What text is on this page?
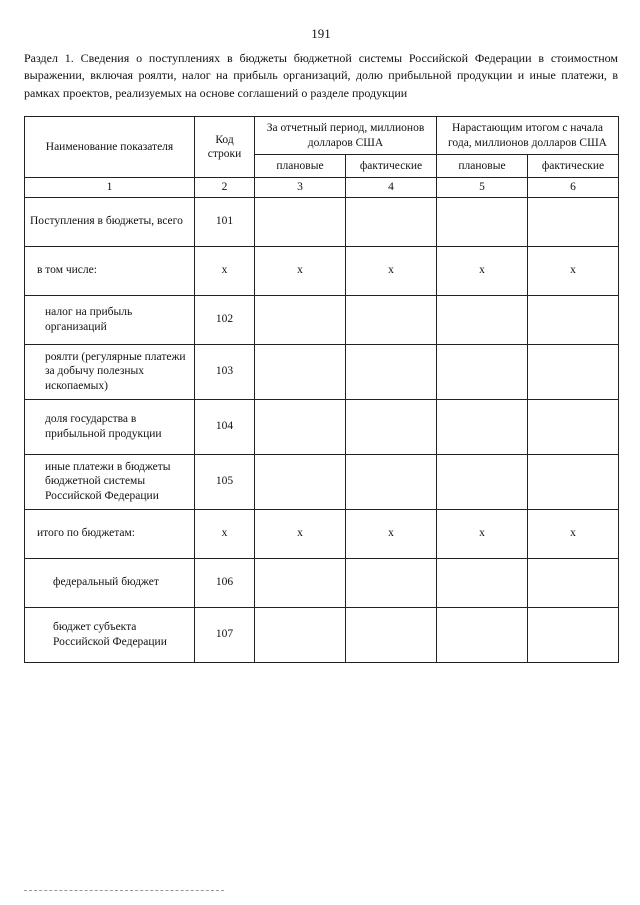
191

Раздел 1. Сведения о поступлениях в бюджеты бюджетной системы Российской Федерации в стоимостном выражении, включая роялти, налог на прибыль организаций, долю прибыльной продукции и иные платежи, в рамках проектов, реализуемых на основе соглашений о разделе продукции

Наименование показателя	Код строки	За отчетный период, миллионов долларов США		Нарастающим итогом с начала года, миллионов долларов США	
		плановые	фактические	плановые	фактические
1	2	3	4	5	6
Поступления в бюджеты, всего	101				
в том числе:	х	х	х	х	х
налог на прибыль организаций	102				
роялти (регулярные платежи за добычу полезных ископаемых)	103				
доля государства в прибыльной продукции	104				
иные платежи в бюджеты бюджетной системы Российской Федерации	105				
итого по бюджетам:	х	х	х	х	х
федеральный бюджет	106				
бюджет субъекта Российской Федерации	107				
